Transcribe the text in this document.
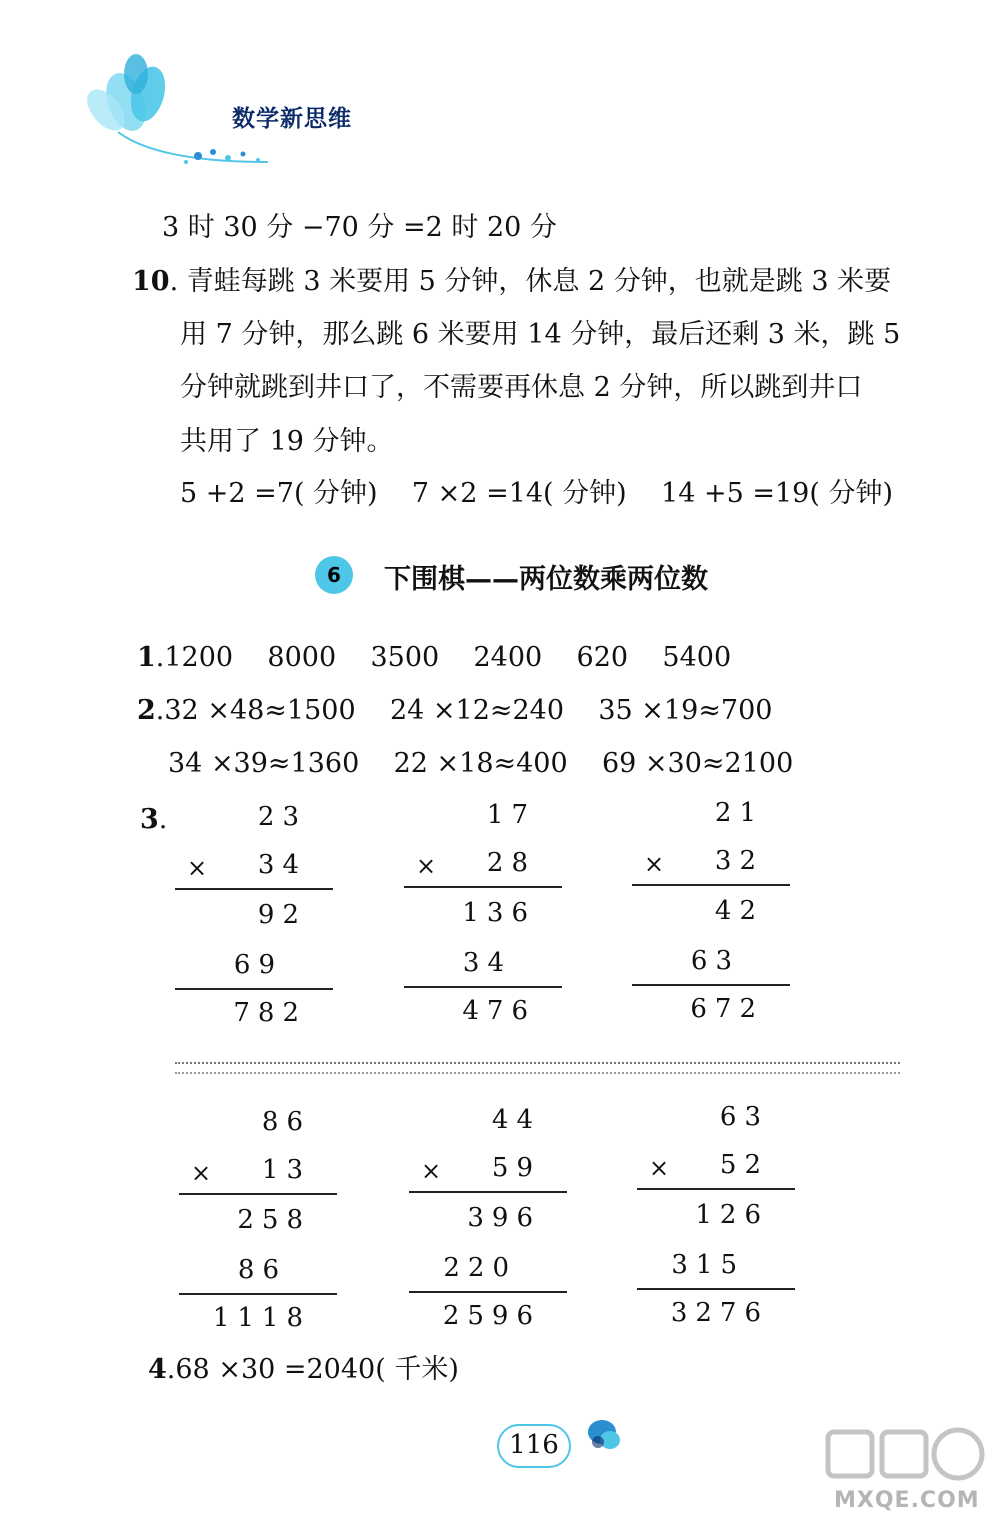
数学新思维
3 时 30 分 −70 分 =2 时 20 分
10. 青蛙每跳 3 米要用 5 分钟，休息 2 分钟，也就是跳 3 米要
用 7 分钟，那么跳 6 米要用 14 分钟，最后还剩 3 米，跳 5
分钟就跳到井口了，不需要再休息 2 分钟，所以跳到井口
共用了 19 分钟。
5 +2 =7( 分钟)    7 ×2 =14( 分钟)    14 +5 =19( 分钟)
6	下围棋——两位数乘两位数
1.1200    8000    3500    2400    620    5400
2.32 ×48≈1500    24 ×12≈240    35 ×19≈700
34 ×39≈1360    22 ×18≈400    69 ×30≈2100
3.	23
× 34
92
69
782
17
× 28
136
34
476
21
× 32
42
63
672
86
× 13
258
86
1118
44
× 59
396
220
2596
63
× 52
126
315
3276
4.68 ×30 =2040( 千米)
116
MXQE.COM
